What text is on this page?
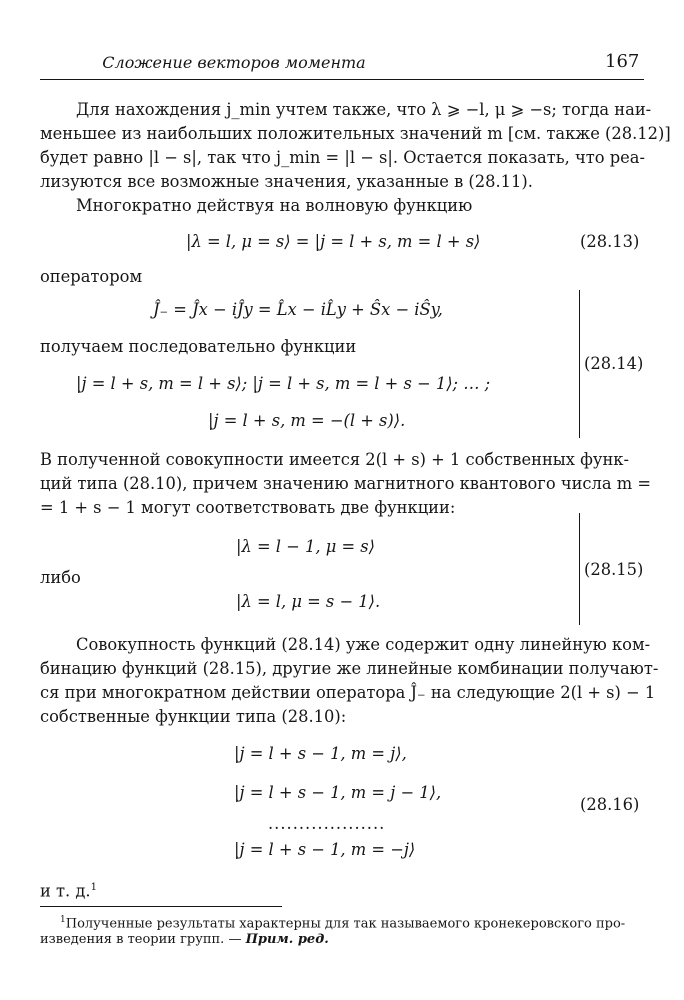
Сложение векторов момента	167
Для нахождения j_min учтем также, что λ ⩾ −l, μ ⩾ −s; тогда наи-
меньшее из наибольших положительных значений m [см. также (28.12)]
будет равно |l − s|, так что j_min = |l − s|. Остается показать, что реа-
лизуются все возможные значения, указанные в (28.11).
Многократно действуя на волновую функцию
|λ = l, μ = s⟩ = |j = l + s, m = l + s⟩	(28.13)
оператором
Ĵ₋ = Ĵx − iĴy = L̂x − iL̂y + Ŝx − iŜy,
получаем последовательно функции
|j = l + s, m = l + s⟩; |j = l + s, m = l + s − 1⟩; … ;
|j = l + s, m = −(l + s)⟩.
(28.14)
В полученной совокупности имеется 2(l + s) + 1 собственных функ-
ций типа (28.10), причем значению магнитного квантового числа m =
= 1 + s − 1 могут соответствовать две функции:
|λ = l − 1, μ = s⟩
либо
|λ = l, μ = s − 1⟩.
(28.15)
Совокупность функций (28.14) уже содержит одну линейную ком-
бинацию функций (28.15), другие же линейные комбинации получают-
ся при многократном действии оператора Ĵ₋ на следующие 2(l + s) − 1
собственные функции типа (28.10):
|j = l + s − 1, m = j⟩,
|j = l + s − 1, m = j − 1⟩,
...................
|j = l + s − 1, m = −j⟩
(28.16)
и т. д.$^1$
$^1$Полученные результаты характерны для так называемого кронекеровского про-
изведения в теории групп. — Прим. ред.
